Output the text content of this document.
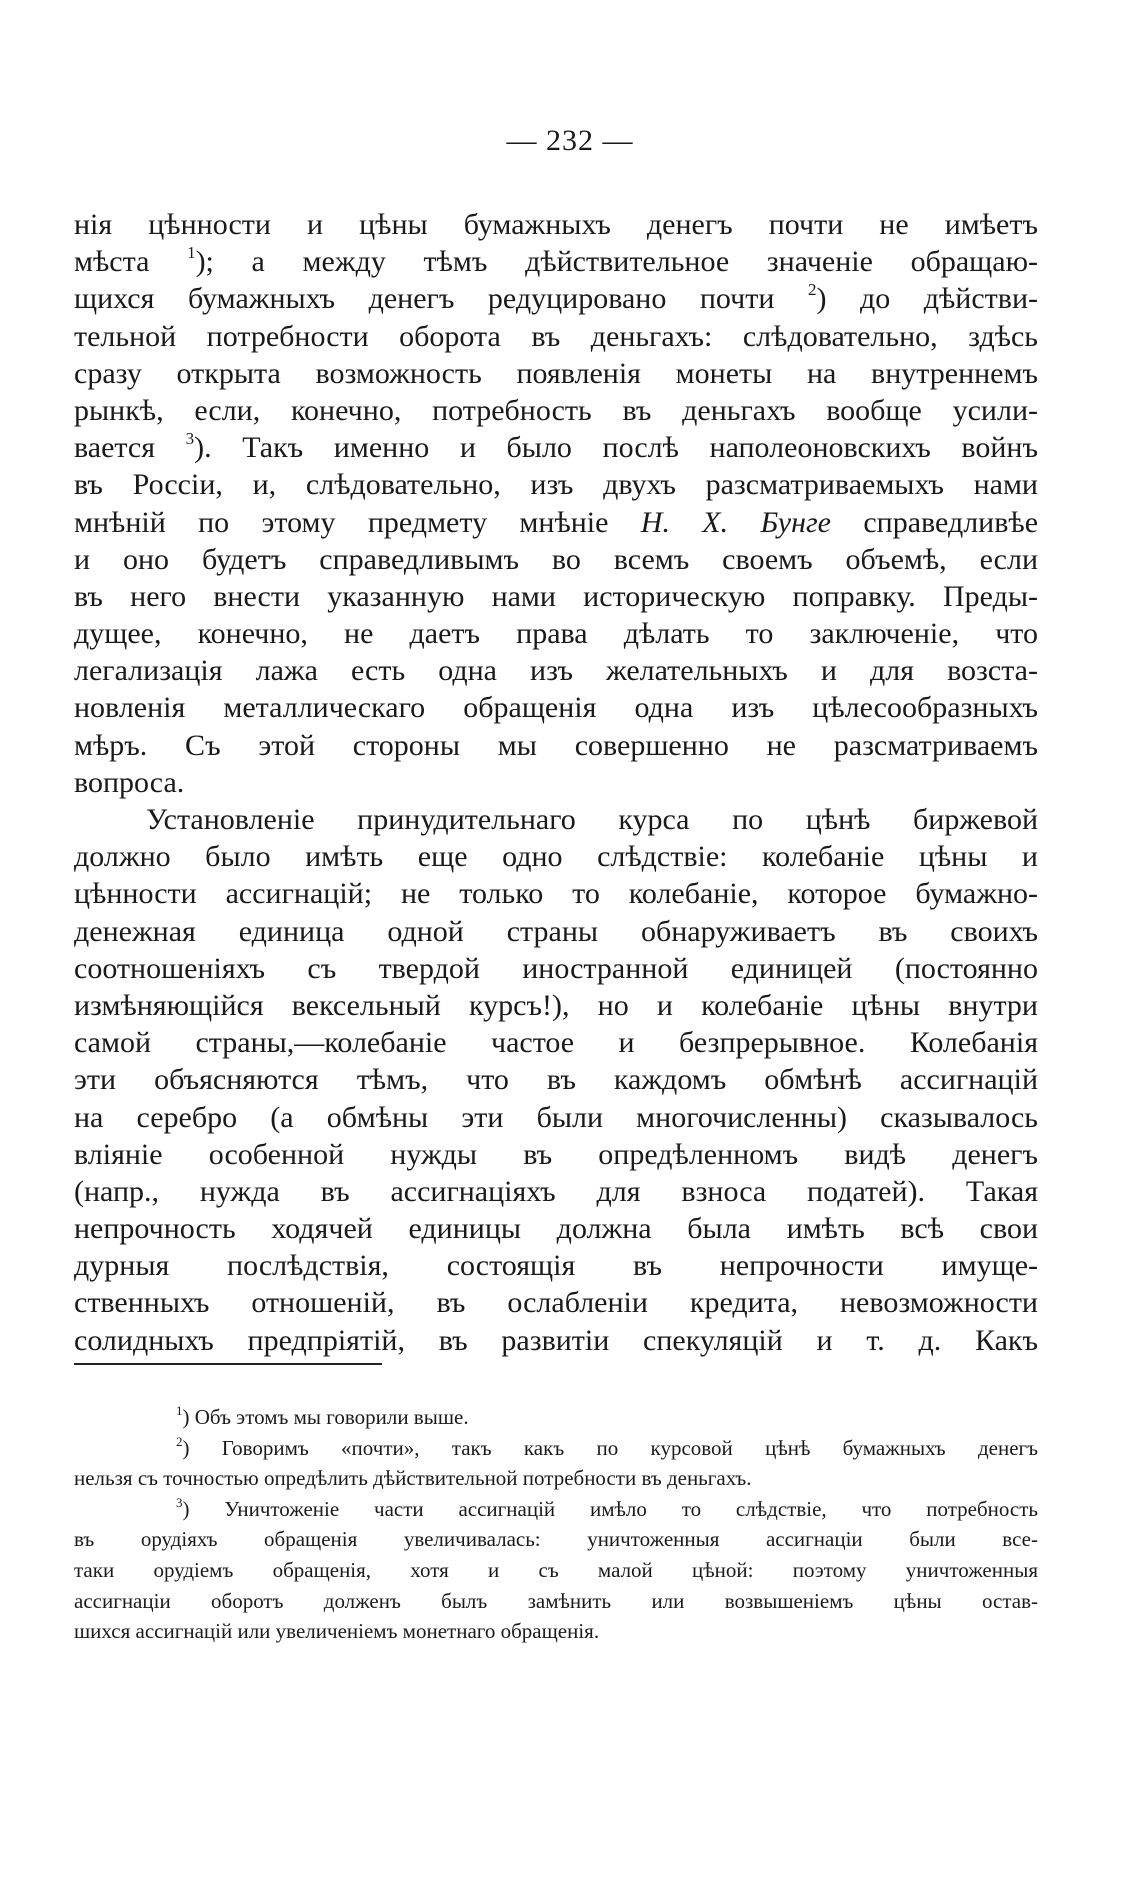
— 232 —
нія цѣнности и цѣны бумажныхъ денегъ почти не имѣетъ
мѣста $^1$); а между тѣмъ дѣйствительное значеніе обращаю-
щихся бумажныхъ денегъ редуцировано почти $^2$) до дѣйстви-
тельной потребности оборота въ деньгахъ: слѣдовательно, здѣсь
сразу открыта возможность появленія монеты на внутреннемъ
рынкѣ, если, конечно, потребность въ деньгахъ вообще усили-
вается $^3$). Такъ именно и было послѣ наполеоновскихъ войнъ
въ Россіи, и, слѣдовательно, изъ двухъ разсматриваемыхъ нами
мнѣній по этому предмету мнѣніе Н. Х. Бунге справедливѣе
и оно будетъ справедливымъ во всемъ своемъ объемѣ, если
въ него внести указанную нами историческую поправку. Преды-
дущее, конечно, не даетъ права дѣлать то заключеніе, что
легализація лажа есть одна изъ желательныхъ и для возста-
новленія металлическаго обращенія одна изъ цѣлесообразныхъ
мѣръ. Съ этой стороны мы совершенно не разсматриваемъ
вопроса.
Установленіе принудительнаго курса по цѣнѣ биржевой
должно было имѣть еще одно слѣдствіе: колебаніе цѣны и
цѣнности ассигнацій; не только то колебаніе, которое бумажно-
денежная единица одной страны обнаруживаетъ въ своихъ
соотношеніяхъ съ твердой иностранной единицей (постоянно
измѣняющійся вексельный курсъ!), но и колебаніе цѣны внутри
самой страны,—колебаніе частое и безпрерывное. Колебанія
эти объясняются тѣмъ, что въ каждомъ обмѣнѣ ассигнацій
на серебро (а обмѣны эти были многочисленны) сказывалось
вліяніе особенной нужды въ опредѣленномъ видѣ денегъ
(напр., нужда въ ассигнаціяхъ для взноса податей). Такая
непрочность ходячей единицы должна была имѣть всѣ свои
дурныя послѣдствія, состоящія въ непрочности имуще-
ственныхъ отношеній, въ ослабленіи кредита, невозможности
солидныхъ предпріятій, въ развитіи спекуляцій и т. д. Какъ
$^1$) Объ этомъ мы говорили выше.
$^2$) Говоримъ «почти», такъ какъ по курсовой цѣнѣ бумажныхъ денегъ
нельзя съ точностью опредѣлить дѣйствительной потребности въ деньгахъ.
$^3$) Уничтоженіе части ассигнацій имѣло то слѣдствіе, что потребность
въ орудіяхъ обращенія увеличивалась: уничтоженныя ассигнаціи были все-
таки орудіемъ обращенія, хотя и съ малой цѣной: поэтому уничтоженныя
ассигнаціи оборотъ долженъ былъ замѣнить или возвышеніемъ цѣны остав-
шихся ассигнацій или увеличеніемъ монетнаго обращенія.
